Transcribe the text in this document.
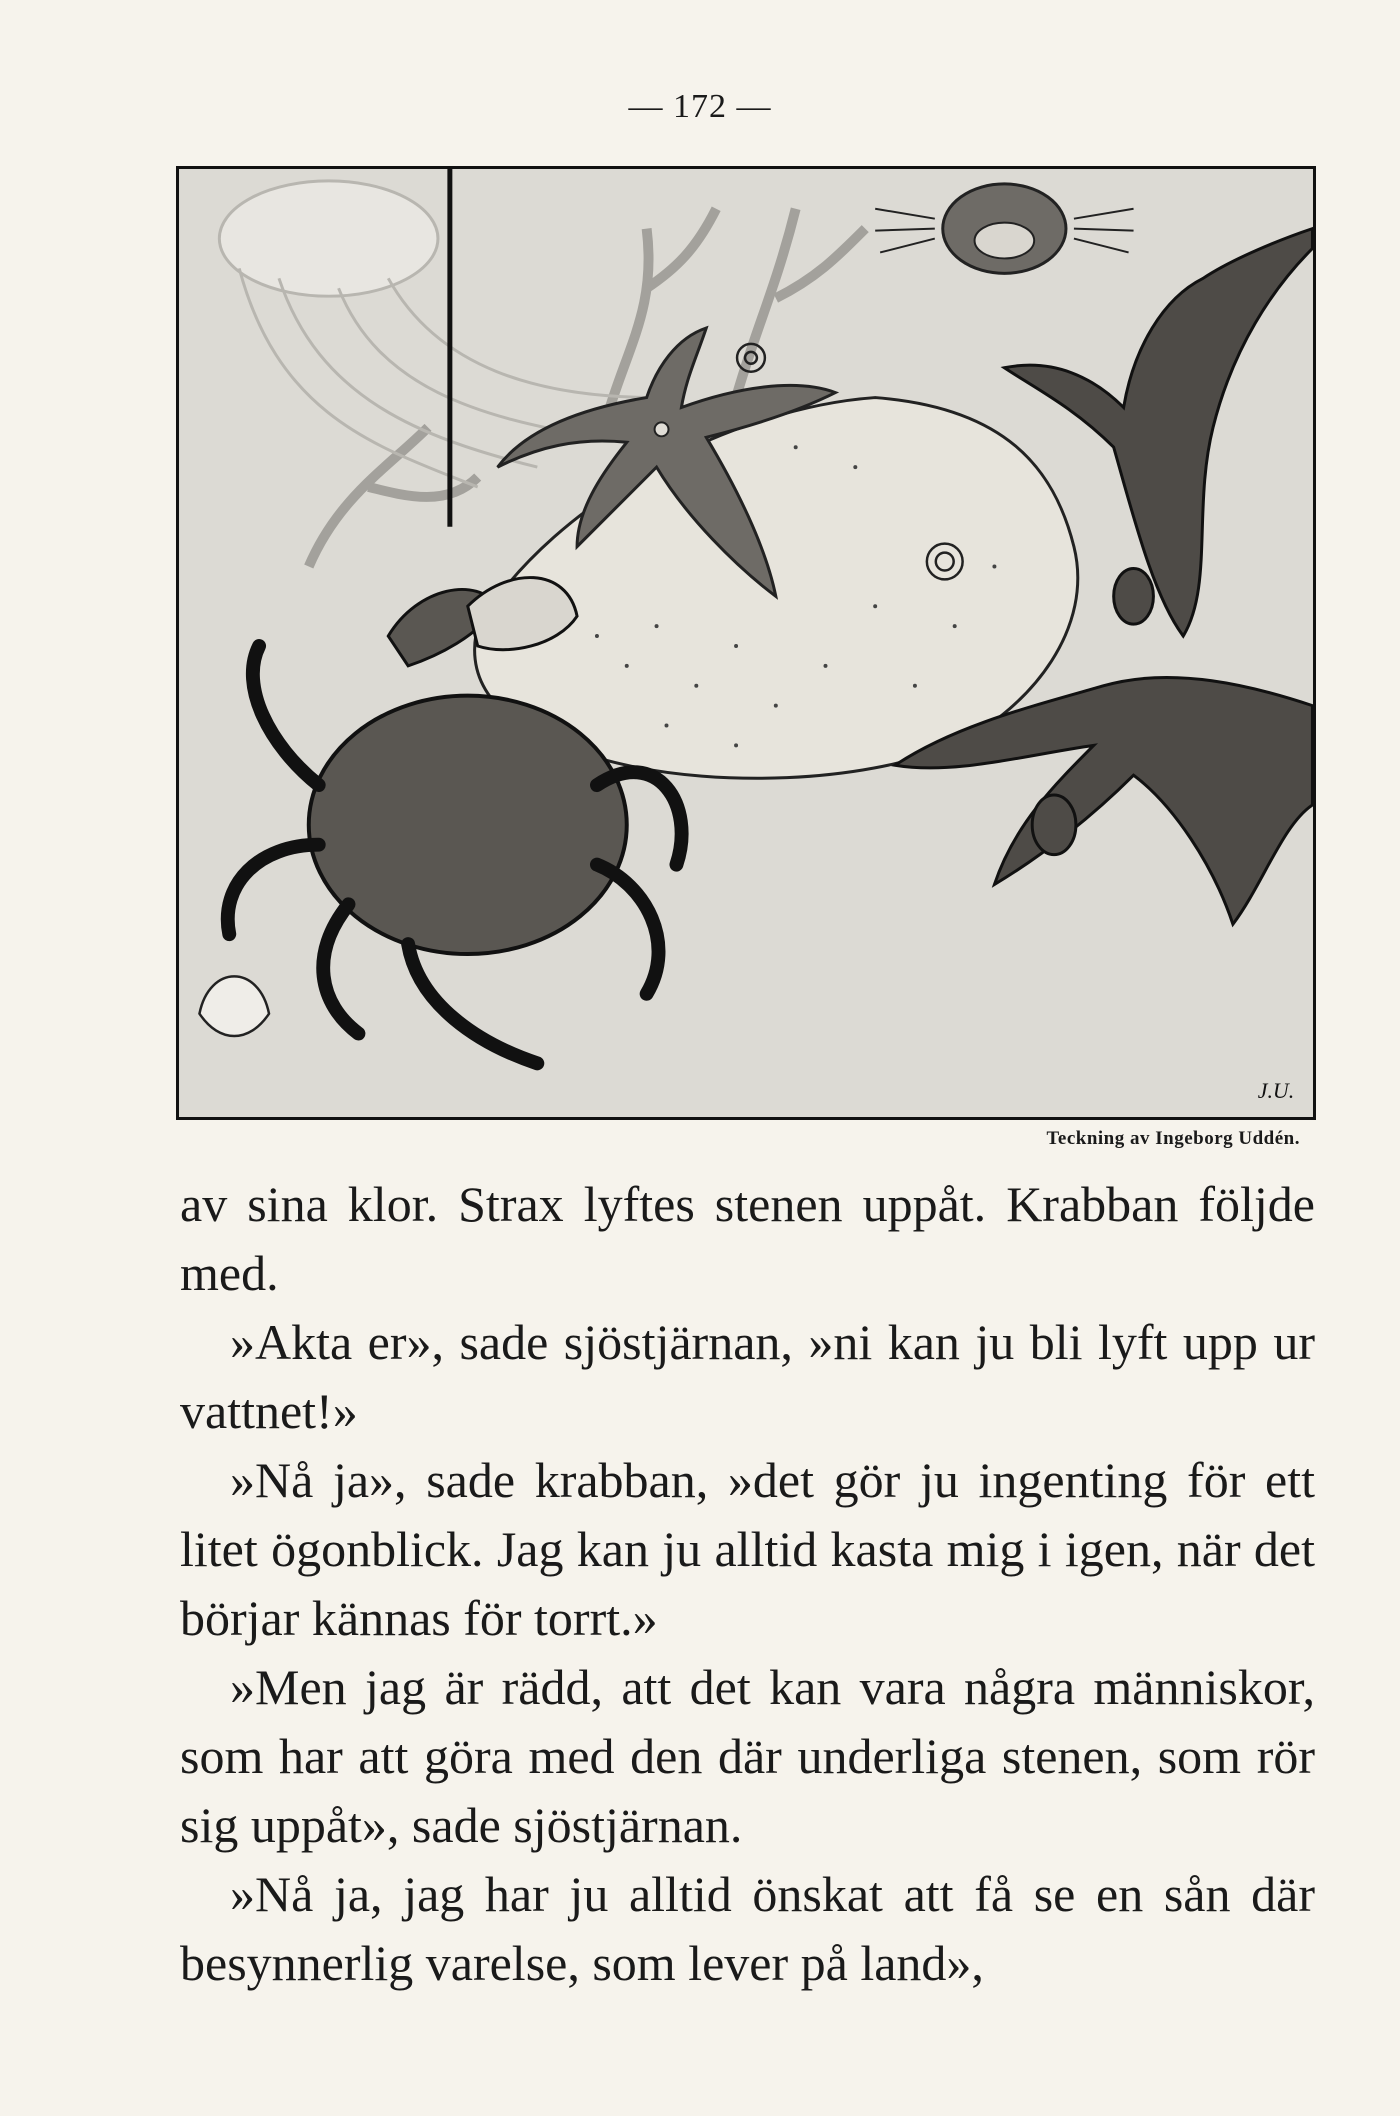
— 172 —
J.U.
Teckning av Ingeborg Uddén.

av sina klor. Strax lyftes stenen uppåt. Krabban följde med.

»Akta er», sade sjöstjärnan, »ni kan ju bli lyft upp ur vattnet!»

»Nå ja», sade krabban, »det gör ju ingenting för ett litet ögonblick. Jag kan ju alltid kasta mig i igen, när det börjar kännas för torrt.»

»Men jag är rädd, att det kan vara några människor, som har att göra med den där underliga stenen, som rör sig uppåt», sade sjöstjärnan.

»Nå ja, jag har ju alltid önskat att få se en sån där besynnerlig varelse, som lever på land»,
